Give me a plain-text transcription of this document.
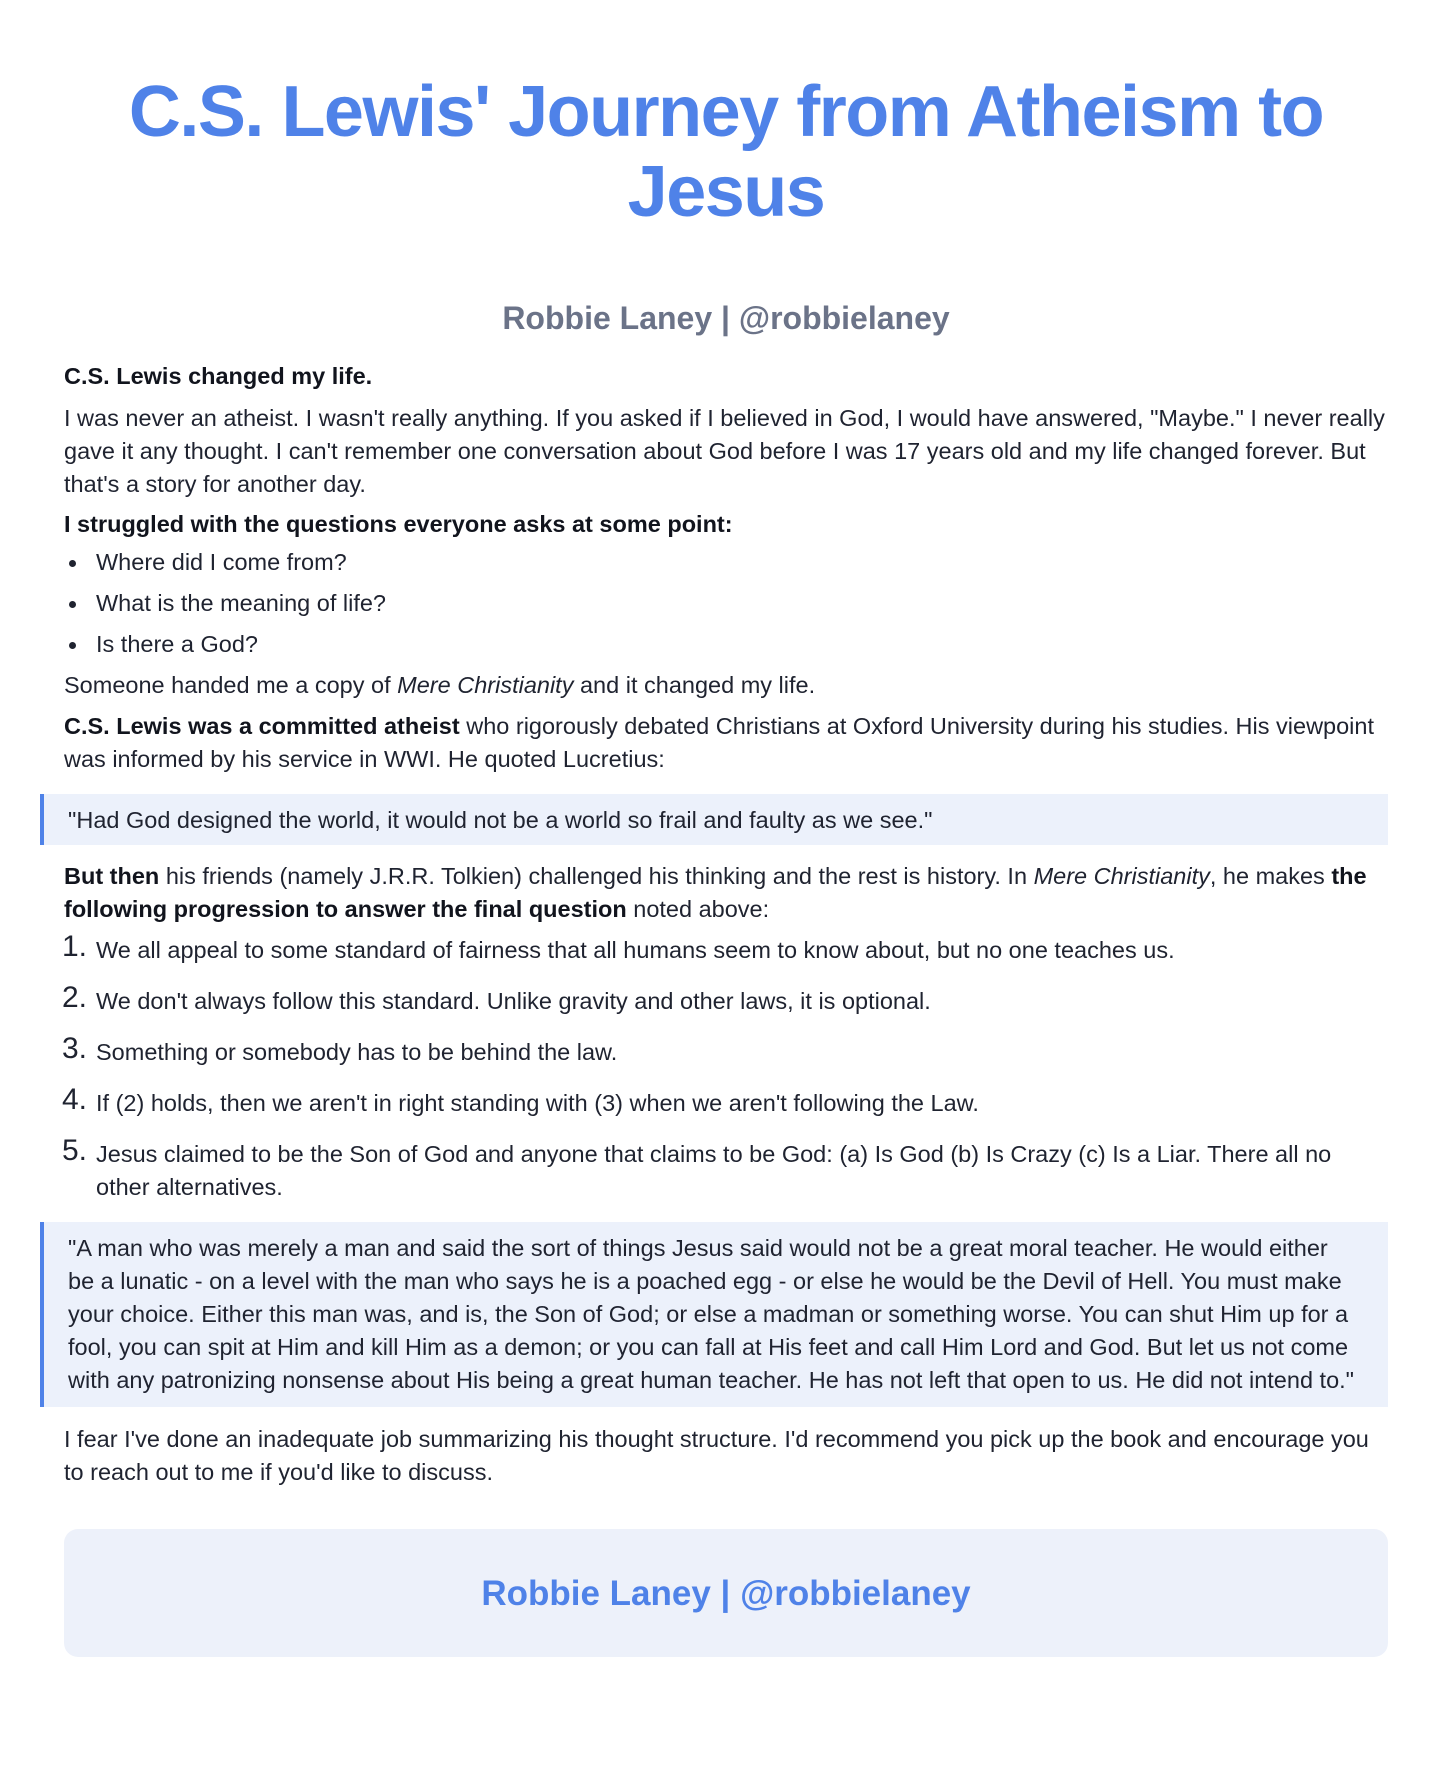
C.S. Lewis' Journey from Atheism to Jesus
Robbie Laney | @robbielaney

C.S. Lewis changed my life.

I was never an atheist. I wasn't really anything. If you asked if I believed in God, I would have answered, "Maybe." I never really gave it any thought. I can't remember one conversation about God before I was 17 years old and my life changed forever. But that's a story for another day.

I struggled with the questions everyone asks at some point:

Where did I come from?
What is the meaning of life?
Is there a God?

Someone handed me a copy of Mere Christianity and it changed my life.

C.S. Lewis was a committed atheist who rigorously debated Christians at Oxford University during his studies. His viewpoint was informed by his service in WWI. He quoted Lucretius:

"Had God designed the world, it would not be a world so frail and faulty as we see."

But then his friends (namely J.R.R. Tolkien) challenged his thinking and the rest is history. In Mere Christianity, he makes the following progression to answer the final question noted above:

1. We all appeal to some standard of fairness that all humans seem to know about, but no one teaches us.
2. We don't always follow this standard. Unlike gravity and other laws, it is optional.
3. Something or somebody has to be behind the law.
4. If (2) holds, then we aren't in right standing with (3) when we aren't following the Law.
5. Jesus claimed to be the Son of God and anyone that claims to be God: (a) Is God (b) Is Crazy (c) Is a Liar. There all no other alternatives.
"A man who was merely a man and said the sort of things Jesus said would not be a great moral teacher. He would either be a lunatic - on a level with the man who says he is a poached egg - or else he would be the Devil of Hell. You must make your choice. Either this man was, and is, the Son of God; or else a madman or something worse. You can shut Him up for a fool, you can spit at Him and kill Him as a demon; or you can fall at His feet and call Him Lord and God. But let us not come with any patronizing nonsense about His being a great human teacher. He has not left that open to us. He did not intend to."

I fear I've done an inadequate job summarizing his thought structure. I'd recommend you pick up the book and encourage you to reach out to me if you'd like to discuss.

Robbie Laney | @robbielaney
